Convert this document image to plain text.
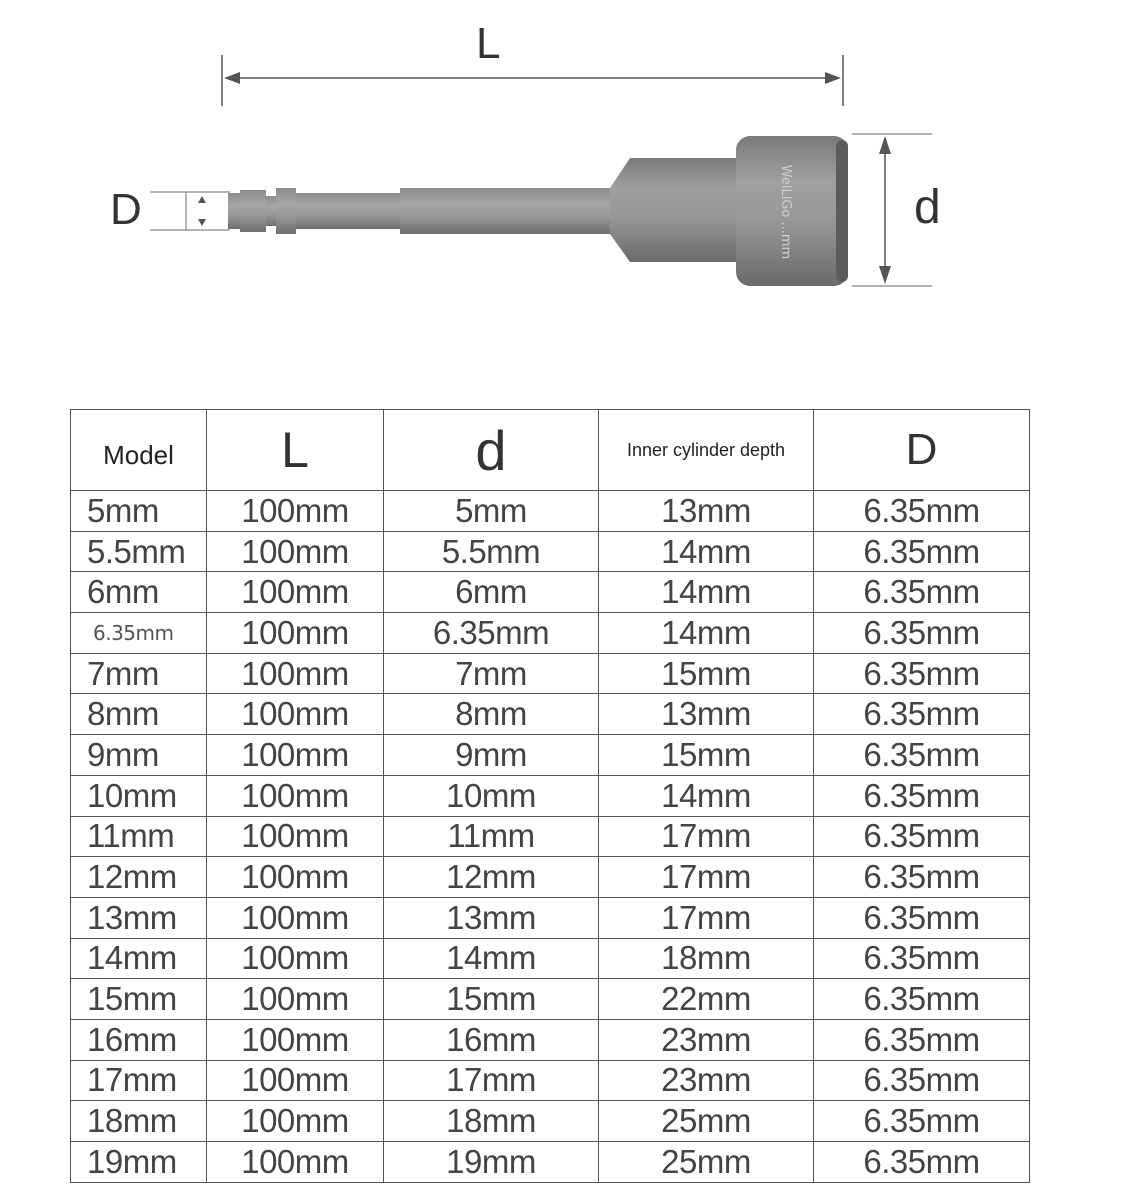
WeiLiGo ...mm
L
D	d
Model	L	d	Inner cylinder depth	D
5mm	100mm	5mm	13mm	6.35mm
5.5mm	100mm	5.5mm	14mm	6.35mm
6mm	100mm	6mm	14mm	6.35mm
6.35mm	100mm	6.35mm	14mm	6.35mm
7mm	100mm	7mm	15mm	6.35mm
8mm	100mm	8mm	13mm	6.35mm
9mm	100mm	9mm	15mm	6.35mm
10mm	100mm	10mm	14mm	6.35mm
11mm	100mm	11mm	17mm	6.35mm
12mm	100mm	12mm	17mm	6.35mm
13mm	100mm	13mm	17mm	6.35mm
14mm	100mm	14mm	18mm	6.35mm
15mm	100mm	15mm	22mm	6.35mm
16mm	100mm	16mm	23mm	6.35mm
17mm	100mm	17mm	23mm	6.35mm
18mm	100mm	18mm	25mm	6.35mm
19mm	100mm	19mm	25mm	6.35mm
